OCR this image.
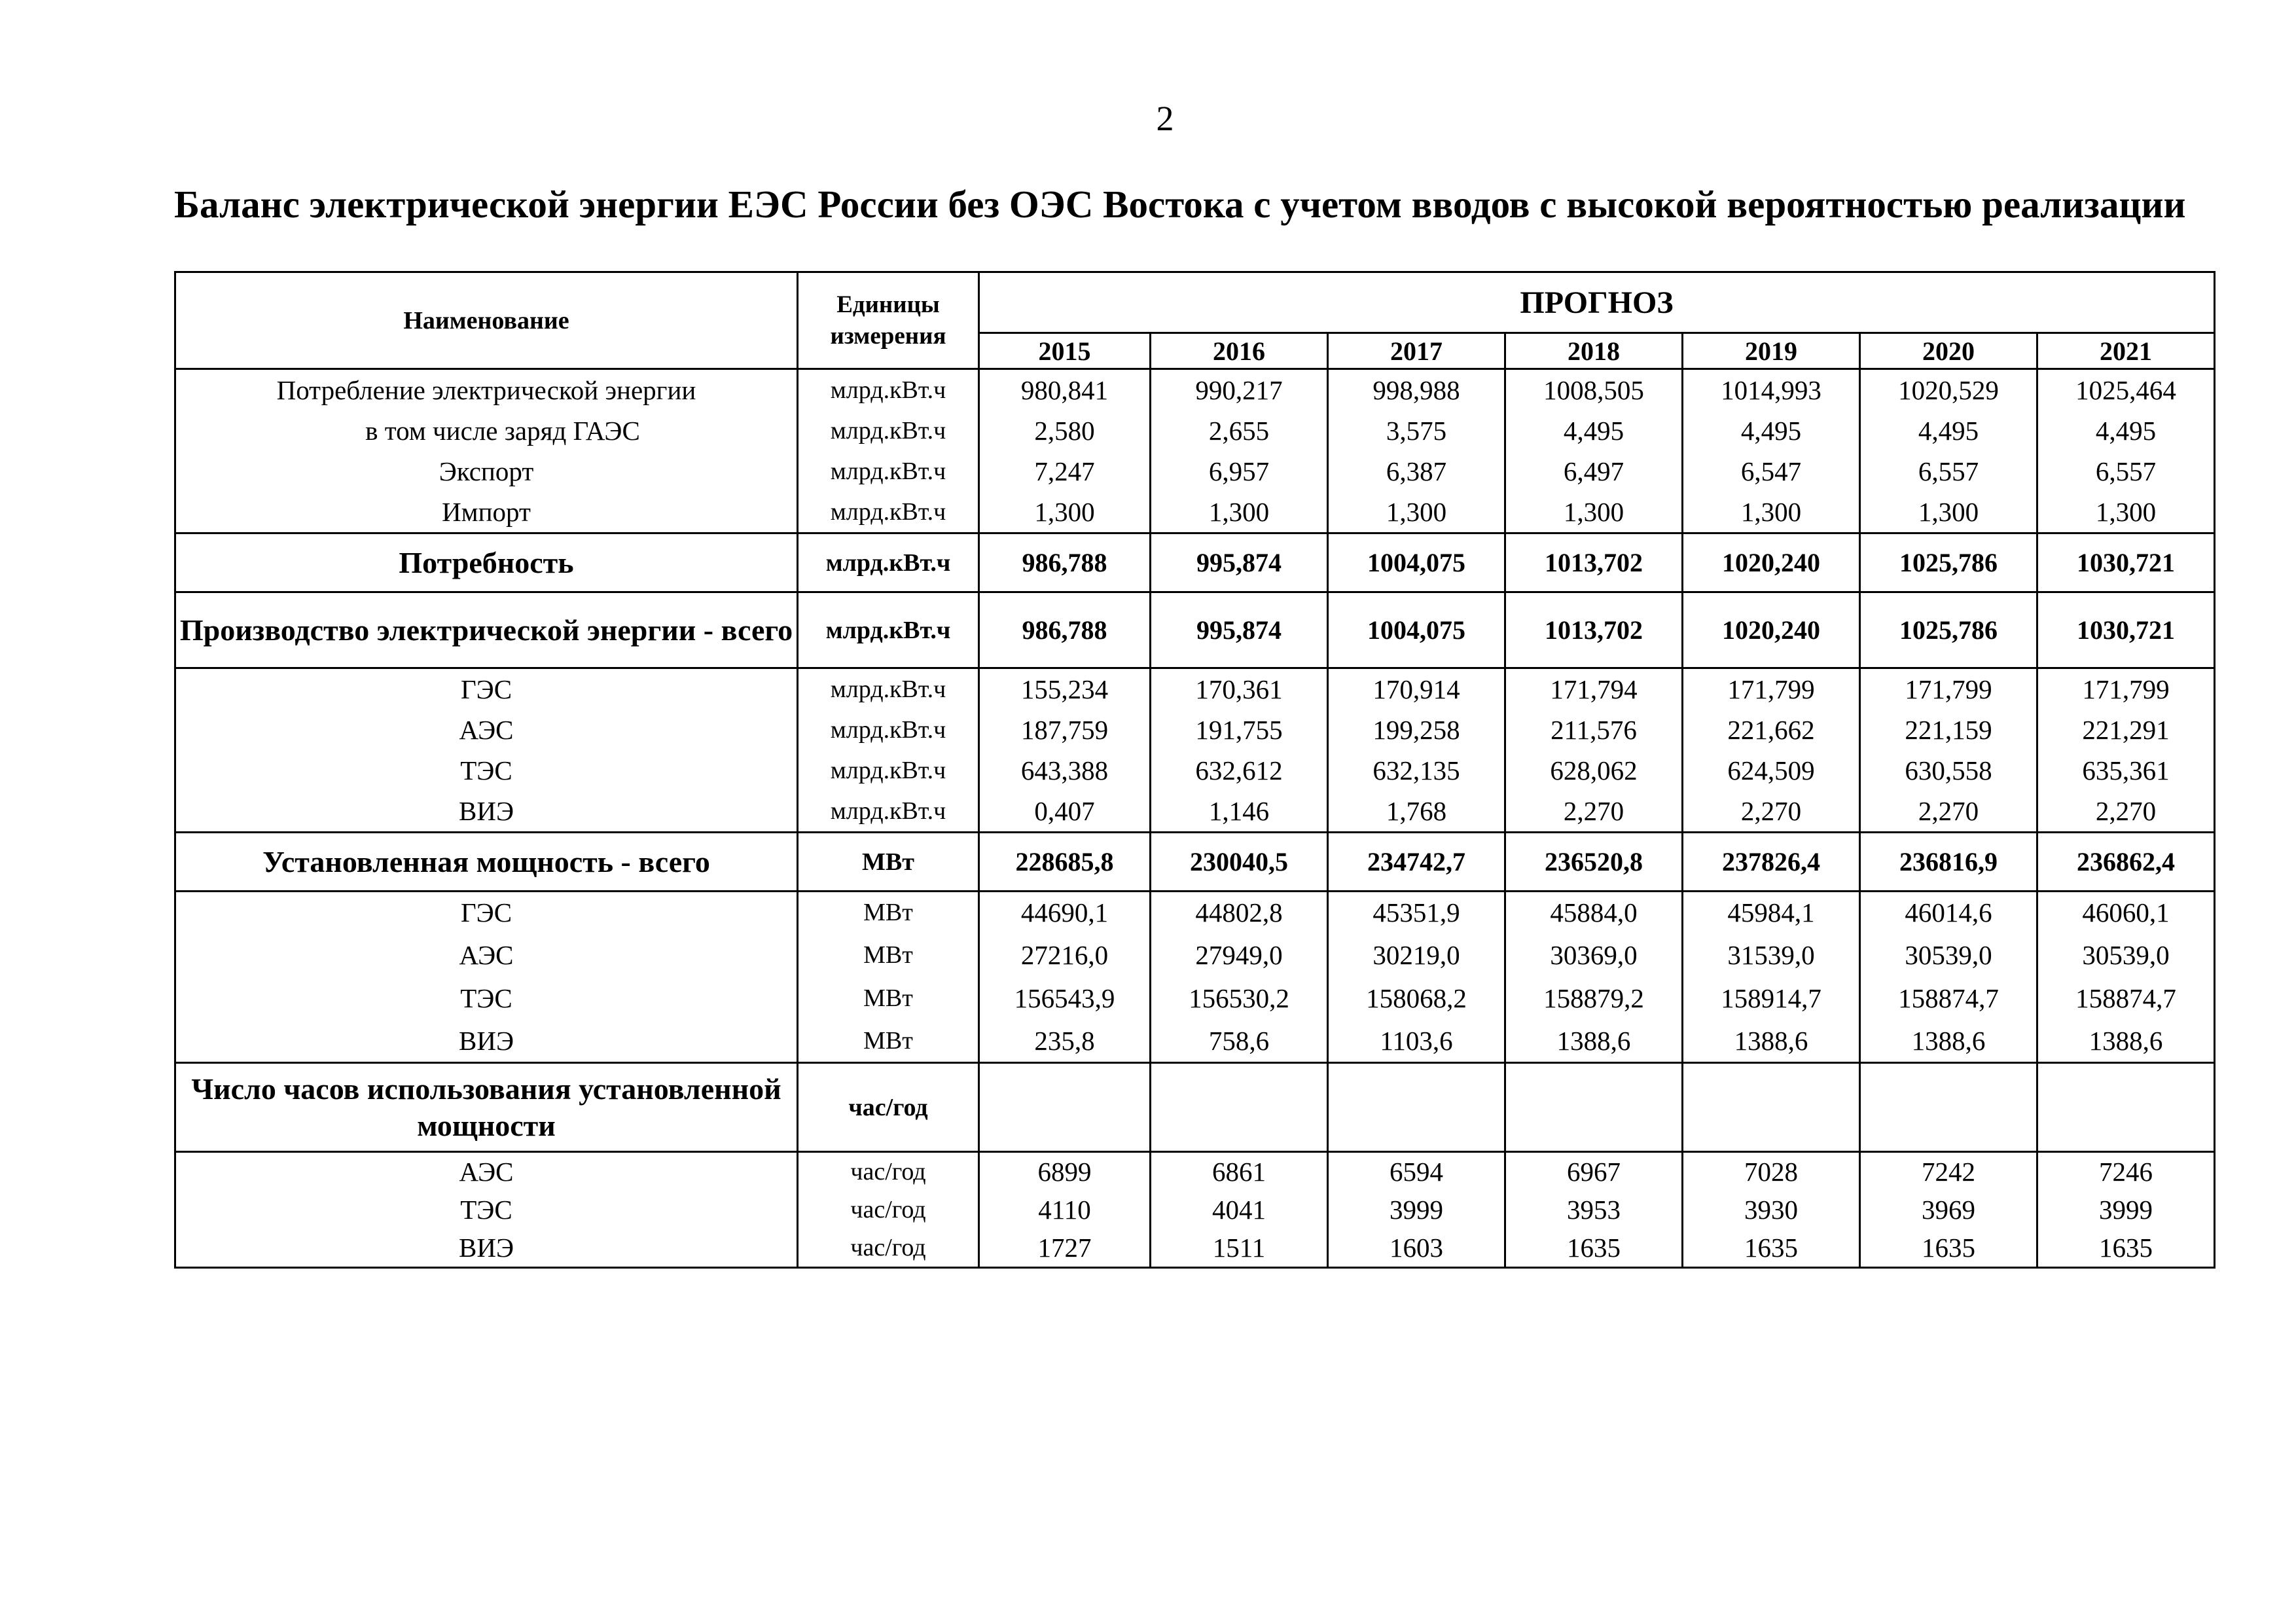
2
Баланс электрической энергии ЕЭС России без ОЭС Востока с учетом вводов с высокой вероятностью реализации
Наименование	Единицы измерения	ПРОГНОЗ						
		2015	2016	2017	2018	2019	2020	2021
Потребление электрической энергии	млрд.кВт.ч	980,841	990,217	998,988	1008,505	1014,993	1020,529	1025,464
в том числе заряд ГАЭС	млрд.кВт.ч	2,580	2,655	3,575	4,495	4,495	4,495	4,495
Экспорт	млрд.кВт.ч	7,247	6,957	6,387	6,497	6,547	6,557	6,557
Импорт	млрд.кВт.ч	1,300	1,300	1,300	1,300	1,300	1,300	1,300
Потребность	млрд.кВт.ч	986,788	995,874	1004,075	1013,702	1020,240	1025,786	1030,721
Производство электрической энергии - всего	млрд.кВт.ч	986,788	995,874	1004,075	1013,702	1020,240	1025,786	1030,721
ГЭС	млрд.кВт.ч	155,234	170,361	170,914	171,794	171,799	171,799	171,799
АЭС	млрд.кВт.ч	187,759	191,755	199,258	211,576	221,662	221,159	221,291
ТЭС	млрд.кВт.ч	643,388	632,612	632,135	628,062	624,509	630,558	635,361
ВИЭ	млрд.кВт.ч	0,407	1,146	1,768	2,270	2,270	2,270	2,270
Установленная мощность - всего	МВт	228685,8	230040,5	234742,7	236520,8	237826,4	236816,9	236862,4
ГЭС	МВт	44690,1	44802,8	45351,9	45884,0	45984,1	46014,6	46060,1
АЭС	МВт	27216,0	27949,0	30219,0	30369,0	31539,0	30539,0	30539,0
ТЭС	МВт	156543,9	156530,2	158068,2	158879,2	158914,7	158874,7	158874,7
ВИЭ	МВт	235,8	758,6	1103,6	1388,6	1388,6	1388,6	1388,6
Число часов использования установленной мощности	час/год							
АЭС	час/год	6899	6861	6594	6967	7028	7242	7246
ТЭС	час/год	4110	4041	3999	3953	3930	3969	3999
ВИЭ	час/год	1727	1511	1603	1635	1635	1635	1635
